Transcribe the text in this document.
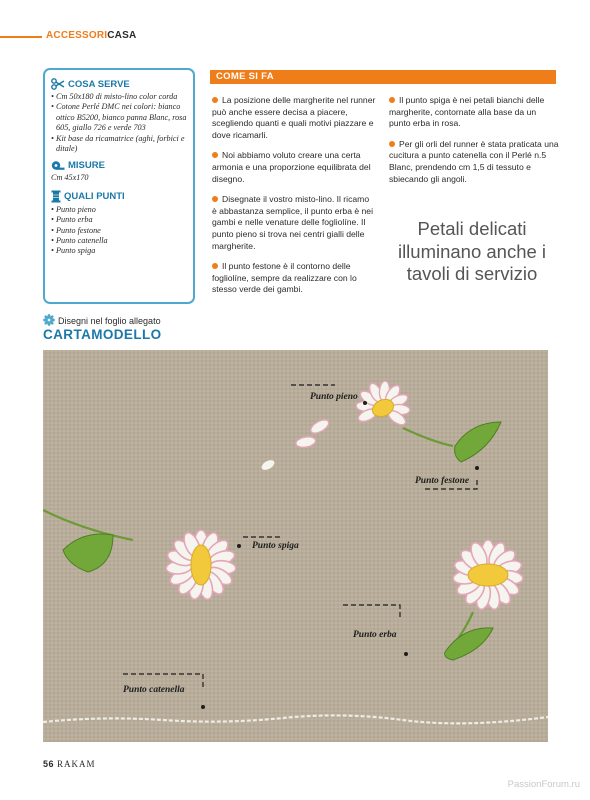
ACCESSORICASA
COSA SERVE
• Cm 50x180 di misto-lino color corda
• Cotone Perlé DMC nei colori: bianco ottico B5200, bianco panna Blanc, rosa 605, giallo 726 e verde 703
• Kit base da ricamatrice (aghi, forbici e ditale)
MISURE
Cm 45x170
QUALI PUNTI
• Punto pieno
• Punto erba
• Punto festone
• Punto catenella
• Punto spiga
Disegni nel foglio allegato
CARTAMODELLO
COME SI FA

La posizione delle margherite nel runner può anche essere decisa a piacere, scegliendo quanti e quali motivi piazzare e dove ricamarli.

Noi abbiamo voluto creare una certa armonia e una proporzione equilibrata del disegno.

Disegnate il vostro misto-lino. Il ricamo è abbastanza semplice, il punto erba è nei gambi e nelle venature delle fogliolíne. Il punto pieno si trova nei centri gialli delle margherite.

Il punto festone è il contorno delle fogliolíne, sempre da realizzare con lo stesso verde dei gambi.

Il punto spiga è nei petali bianchi delle margherite, contornate alla base da un punto erba in rosa.

Per gli orli del runner è stata praticata una cucitura a punto catenella con il Perlé n.5 Blanc, prendendo cm 1,5 di tessuto e sbiecando gli angoli.

Petali delicati illuminano anche i tavoli di servizio
Punto pieno
Punto festone
Punto spiga
Punto erba
Punto catenella
56 RAKAM
PassionForum.ru
